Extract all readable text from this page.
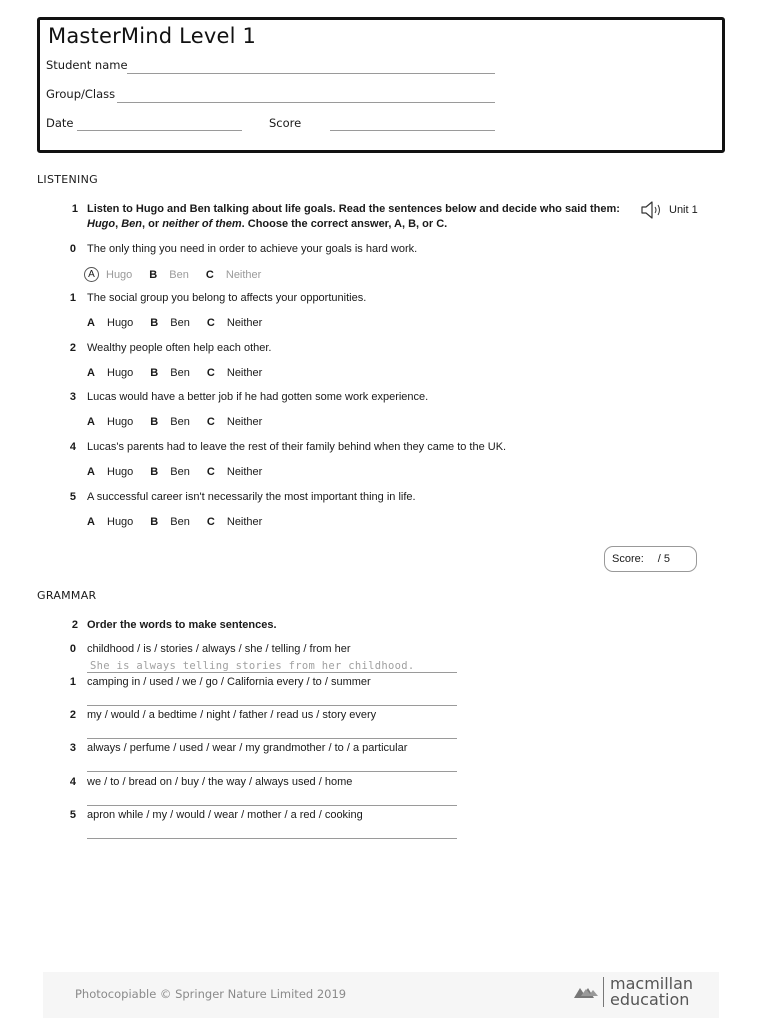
MasterMind Level 1
Student name
Group/Class
Date	Score
LISTENING
1 Listen to Hugo and Ben talking about life goals. Read the sentences below and decide who said them:
Hugo, Ben, or neither of them. Choose the correct answer, A, B, or C.
Unit 1
0 The only thing you need in order to achieve your goals is hard work.
A	Hugo B	Ben C	Neither
1 The social group you belong to affects your opportunities.
A	Hugo B	Ben C	Neither
2 Wealthy people often help each other.
A	Hugo B	Ben C	Neither
3 Lucas would have a better job if he had gotten some work experience.
A	Hugo B	Ben C	Neither
4 Lucas's parents had to leave the rest of their family behind when they came to the UK.
A	Hugo B	Ben C	Neither
5 A successful career isn't necessarily the most important thing in life.
A	Hugo B	Ben C	Neither
Score: / 5
GRAMMAR
2 Order the words to make sentences.
0 childhood / is / stories / always / she / telling / from her
She is always telling stories from her childhood.
1 camping in / used / we / go / California every / to / summer
2 my / would / a bedtime / night / father / read us / story every
3 always / perfume / used / wear / my grandmother / to / a particular
4 we / to / bread on / buy / the way / always used / home
5 apron while / my / would / wear / mother / a red / cooking
Photocopiable © Springer Nature Limited 2019
macmillan
education
